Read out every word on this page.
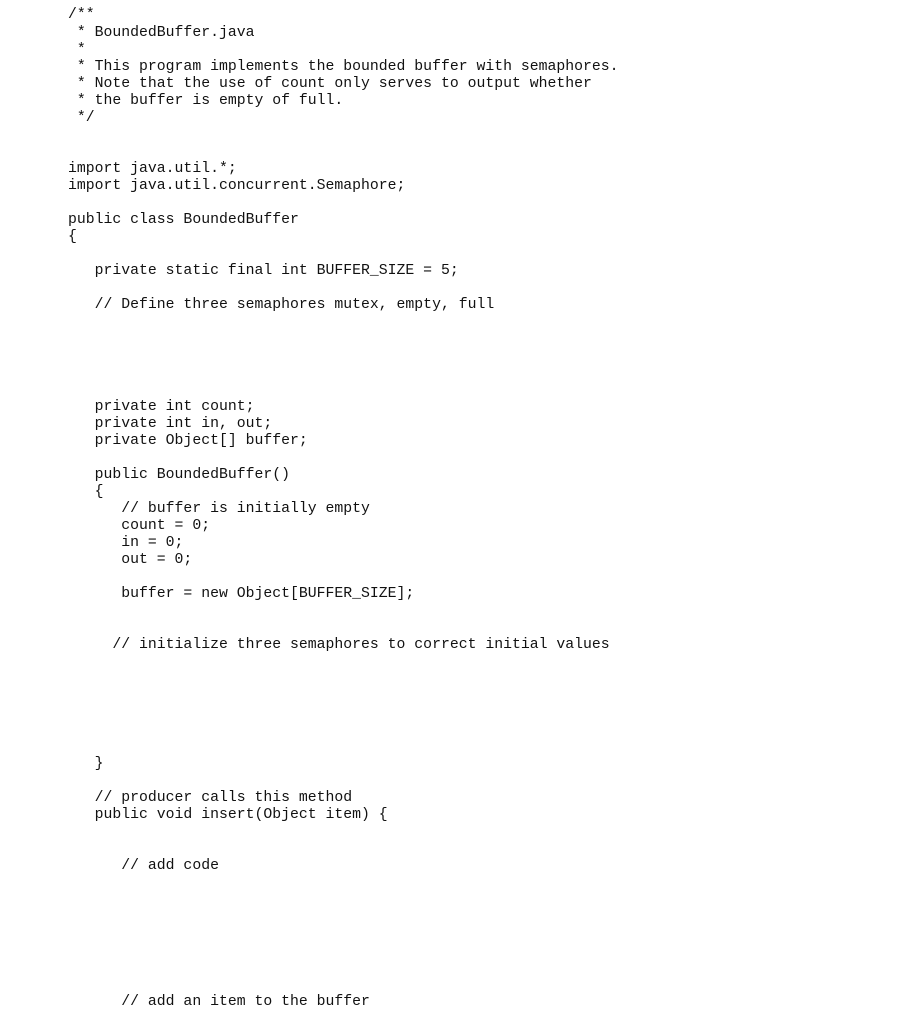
/**
* BoundedBuffer.java
*
* This program implements the bounded buffer with semaphores.
* Note that the use of count only serves to output whether
* the buffer is empty of full.
*/
import java.util.*;
import java.util.concurrent.Semaphore;
public class BoundedBuffer
{
private static final int BUFFER_SIZE = 5;
// Define three semaphores mutex, empty, full
private int count;
private int in, out;
private Object[] buffer;
public BoundedBuffer()
{
// buffer is initially empty
count = 0;
in = 0;
out = 0;
buffer = new Object[BUFFER_SIZE];
// initialize three semaphores to correct initial values
}
// producer calls this method
public void insert(Object item) {
// add code
// add an item to the buffer
